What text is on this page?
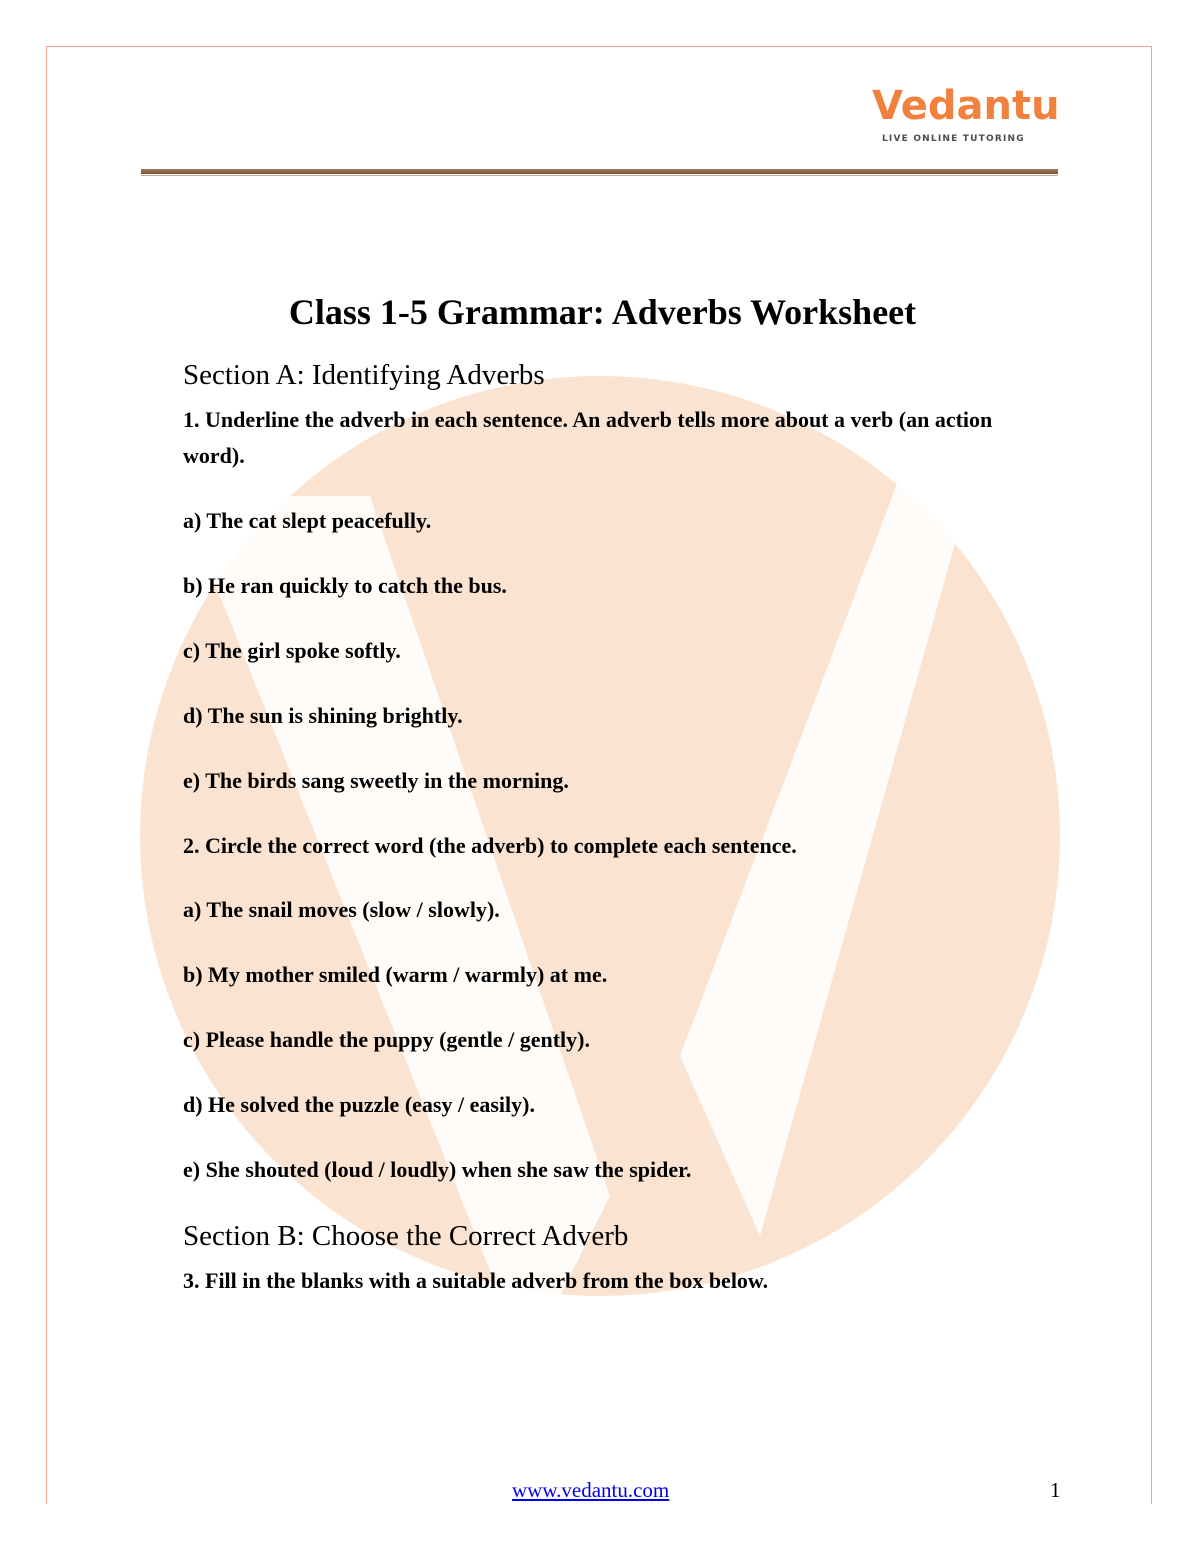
Vedantu
LIVE ONLINE TUTORING
Class 1-5 Grammar: Adverbs Worksheet
Section A: Identifying Adverbs
1. Underline the adverb in each sentence. An adverb tells more about a verb (an action word).
a) The cat slept peacefully.
b) He ran quickly to catch the bus.
c) The girl spoke softly.
d) The sun is shining brightly.
e) The birds sang sweetly in the morning.
2. Circle the correct word (the adverb) to complete each sentence.
a) The snail moves (slow / slowly).
b) My mother smiled (warm / warmly) at me.
c) Please handle the puppy (gentle / gently).
d) He solved the puzzle (easy / easily).
e) She shouted (loud / loudly) when she saw the spider.
Section B: Choose the Correct Adverb
3. Fill in the blanks with a suitable adverb from the box below.
www.vedantu.com	1
